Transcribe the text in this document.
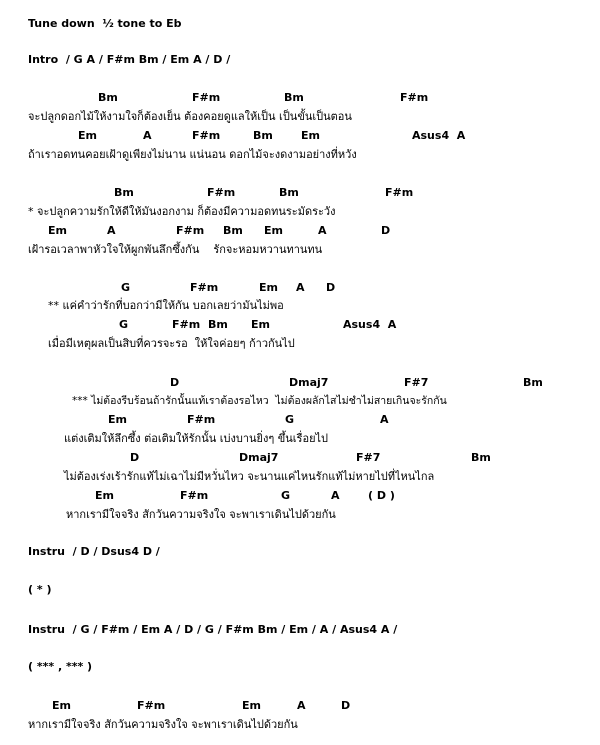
Tune down  ½ tone to Eb
Intro  / G A / F#m Bm / Em A / D /
Bm	F#m	Bm	F#m
จะปลูกดอกไม้ให้งามใจก็ต้องเย็น ต้องคอยดูแลให้เป็น เป็นขั้นเป็นตอน
Em	A	F#m	Bm	Em	Asus4  A
ถ้าเราอดทนคอยเฝ้าดูเพียงไม่นาน แน่นอน ดอกไม้จะงดงามอย่างที่หวัง
Bm	F#m	Bm	F#m
* จะปลูกความรักให้ดีให้มันงอกงาม ก็ต้องมีความอดทนระมัดระวัง
Em	A	F#m Bm Em	A	D
เฝ้ารอเวลาพาหัวใจให้ผูกพันลึกซึ้งกัน    รักจะหอมหวานทานทน
G	F#m	Em A D
** แค่คำว่ารักที่บอกว่ามีให้กัน บอกเลยว่ามันไม่พอ
G	F#m Bm Em	Asus4  A
เมื่อมีเหตุผลเป็นสิบที่ควรจะรอ  ให้ใจค่อยๆ ก้าวกันไป
D	Dmaj7	F#7	Bm
*** ไม่ต้องรีบร้อนถ้ารักนั้นแท้เราต้องรอไหว  ไม่ต้องผลักไสไม่ชำไม่สายเกินจะรักกัน
Em	F#m	G	A
แต่งเติมให้ลึกซึ้ง ต่อเติมให้รักนั้น เบ่งบานยิ่งๆ ขึ้นเรื่อยไป
D	Dmaj7	F#7	Bm
ไม่ต้องเร่งเร้ารักแท้ไม่เฉาไม่มีหวั่นไหว จะนานแค่ไหนรักแท้ไม่หายไปที่ไหนไกล
Em	F#m	G	A	( D )
หากเรามีใจจริง สักวันความจริงใจ จะพาเราเดินไปด้วยกัน
Instru  / D / Dsus4 D /
( * )
Instru  / G / F#m / Em A / D / G / F#m Bm / Em / A / Asus4 A /
( *** , *** )
Em	F#m	Em	A	D
หากเรามีใจจริง สักวันความจริงใจ จะพาเราเดินไปด้วยกัน
